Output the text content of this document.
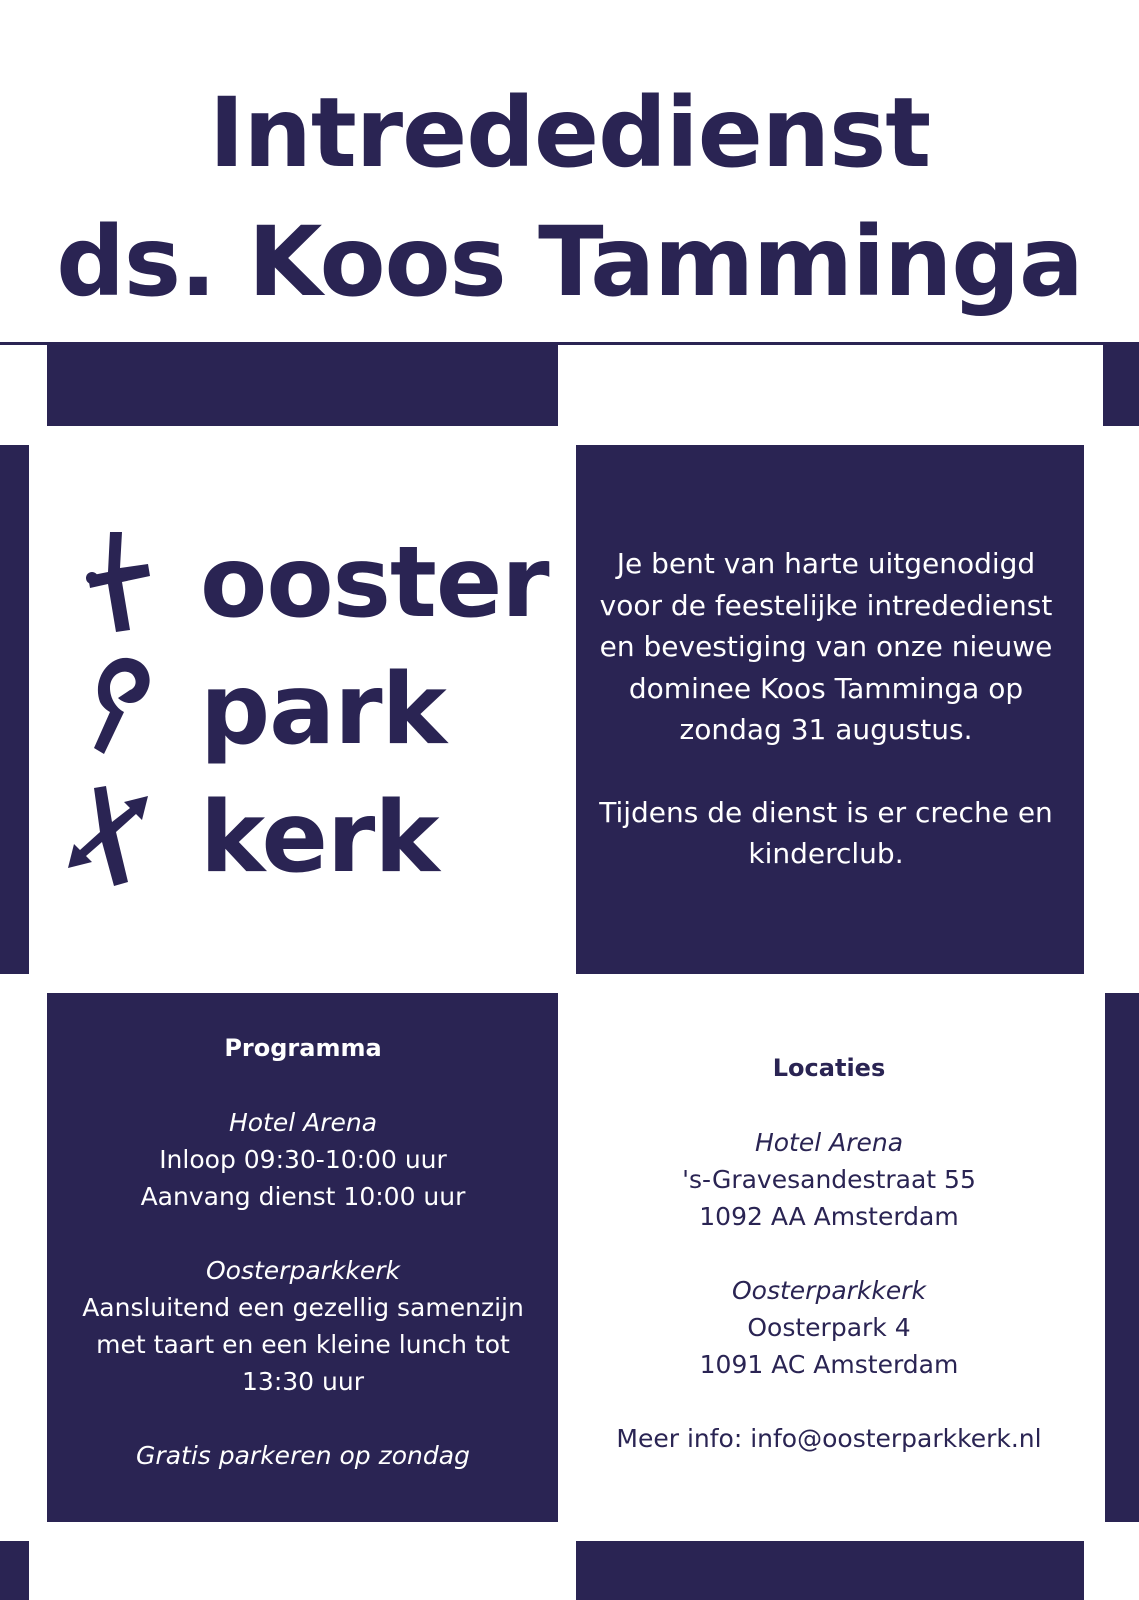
Intrededienst
ds. Koos Tamminga
ooster
park
kerk

Je bent van harte uitgenodigd

voor de feestelijke intrededienst

en bevestiging van onze nieuwe

dominee Koos Tamminga op

zondag 31 augustus.

Tijdens de dienst is er creche en

kinderclub.

Programma

Hotel Arena

Inloop 09:30-10:00 uur

Aanvang dienst 10:00 uur

Oosterparkkerk

Aansluitend een gezellig samenzijn

met taart en een kleine lunch tot

13:30 uur

Gratis parkeren op zondag

Locaties

Hotel Arena

's-Gravesandestraat 55

1092 AA Amsterdam

Oosterparkkerk

Oosterpark 4

1091 AC Amsterdam

Meer info: info@oosterparkkerk.nl
